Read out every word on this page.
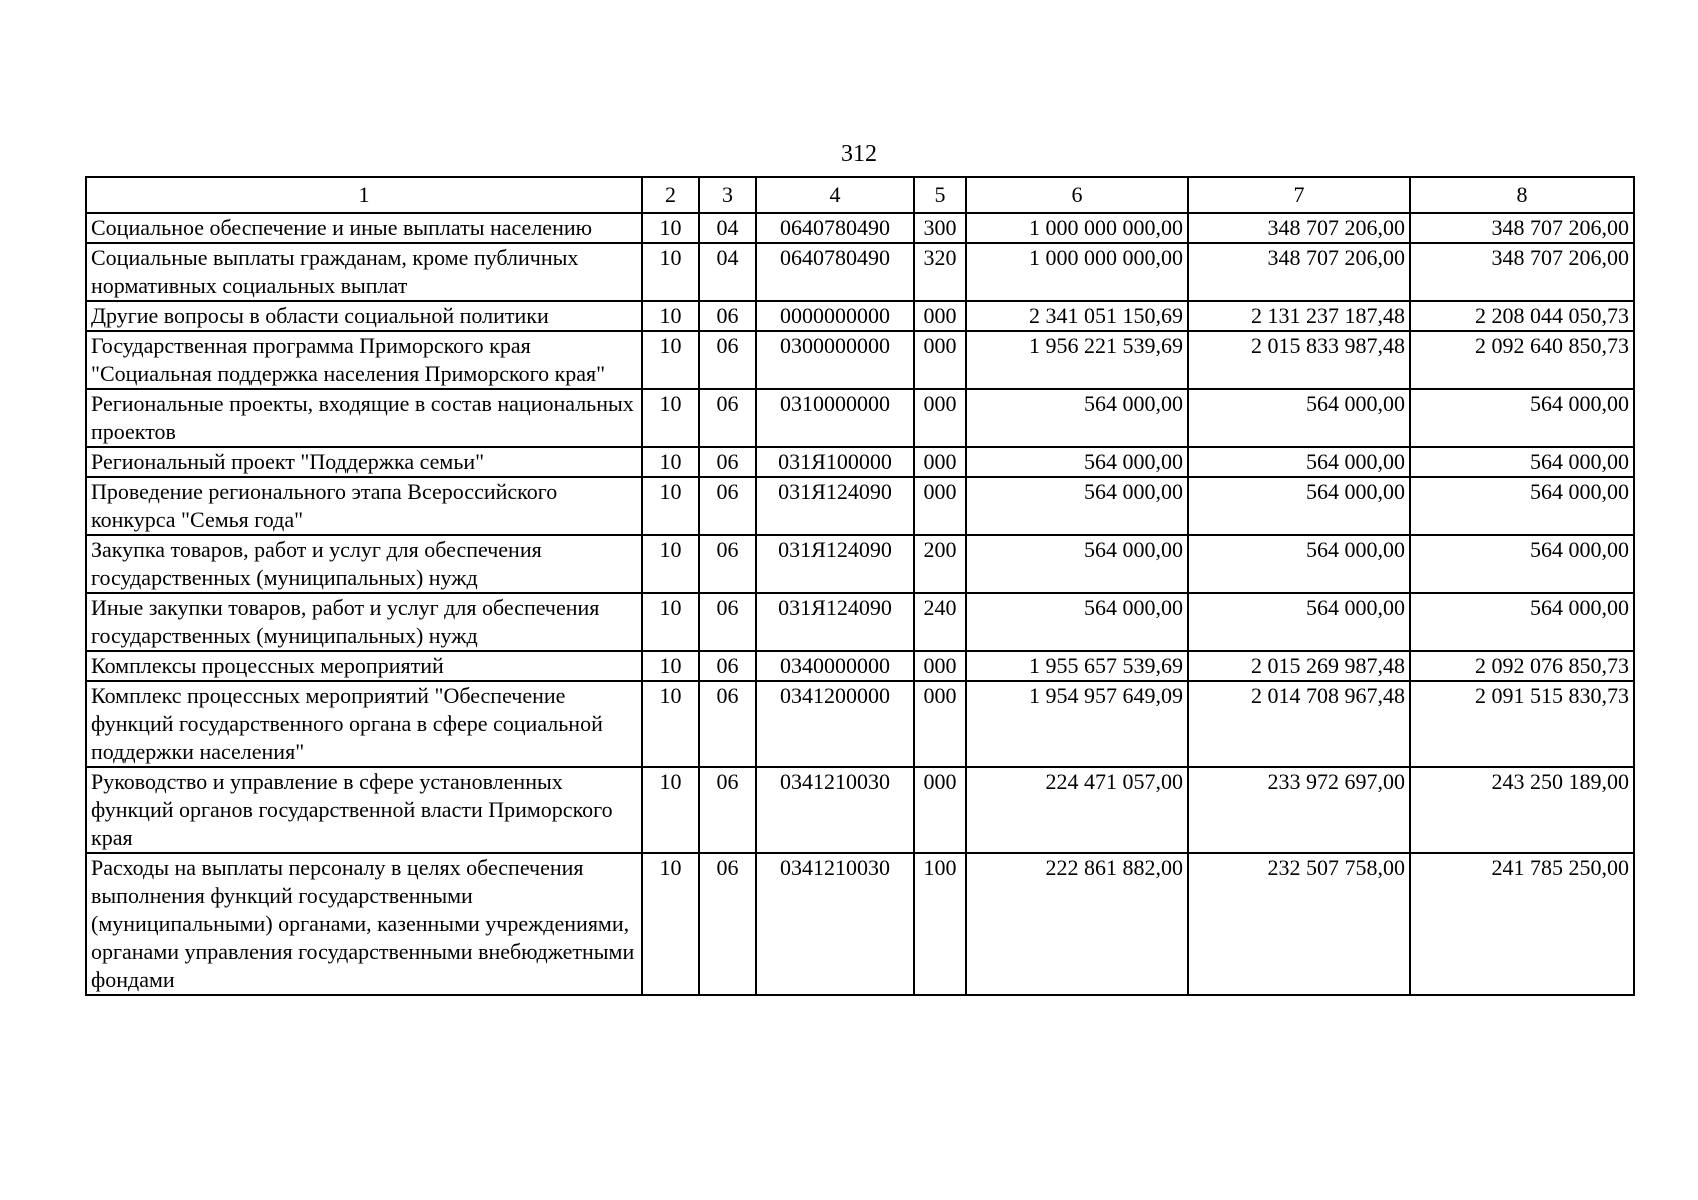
312
1	2	3	4	5	6	7	8
Социальное обеспечение и иные выплаты населению	10	04	0640780490	300	1 000 000 000,00	348 707 206,00	348 707 206,00
Социальные выплаты гражданам, кроме публичных нормативных социальных выплат	10	04	0640780490	320	1 000 000 000,00	348 707 206,00	348 707 206,00
Другие вопросы в области социальной политики	10	06	0000000000	000	2 341 051 150,69	2 131 237 187,48	2 208 044 050,73
Государственная программа Приморского края "Социальная поддержка населения Приморского края"	10	06	0300000000	000	1 956 221 539,69	2 015 833 987,48	2 092 640 850,73
Региональные проекты, входящие в состав национальных проектов	10	06	0310000000	000	564 000,00	564 000,00	564 000,00
Региональный проект "Поддержка семьи"	10	06	031Я100000	000	564 000,00	564 000,00	564 000,00
Проведение регионального этапа Всероссийского конкурса "Семья года"	10	06	031Я124090	000	564 000,00	564 000,00	564 000,00
Закупка товаров, работ и услуг для обеспечения государственных (муниципальных) нужд	10	06	031Я124090	200	564 000,00	564 000,00	564 000,00
Иные закупки товаров, работ и услуг для обеспечения государственных (муниципальных) нужд	10	06	031Я124090	240	564 000,00	564 000,00	564 000,00
Комплексы процессных мероприятий	10	06	0340000000	000	1 955 657 539,69	2 015 269 987,48	2 092 076 850,73
Комплекс процессных мероприятий "Обеспечение функций государственного органа в сфере социальной поддержки населения"	10	06	0341200000	000	1 954 957 649,09	2 014 708 967,48	2 091 515 830,73
Руководство и управление в сфере установленных функций органов государственной власти Приморского края	10	06	0341210030	000	224 471 057,00	233 972 697,00	243 250 189,00
Расходы на выплаты персоналу в целях обеспечения выполнения функций государственными (муниципальными) органами, казенными учреждениями, органами управления государственными внебюджетными фондами	10	06	0341210030	100	222 861 882,00	232 507 758,00	241 785 250,00
